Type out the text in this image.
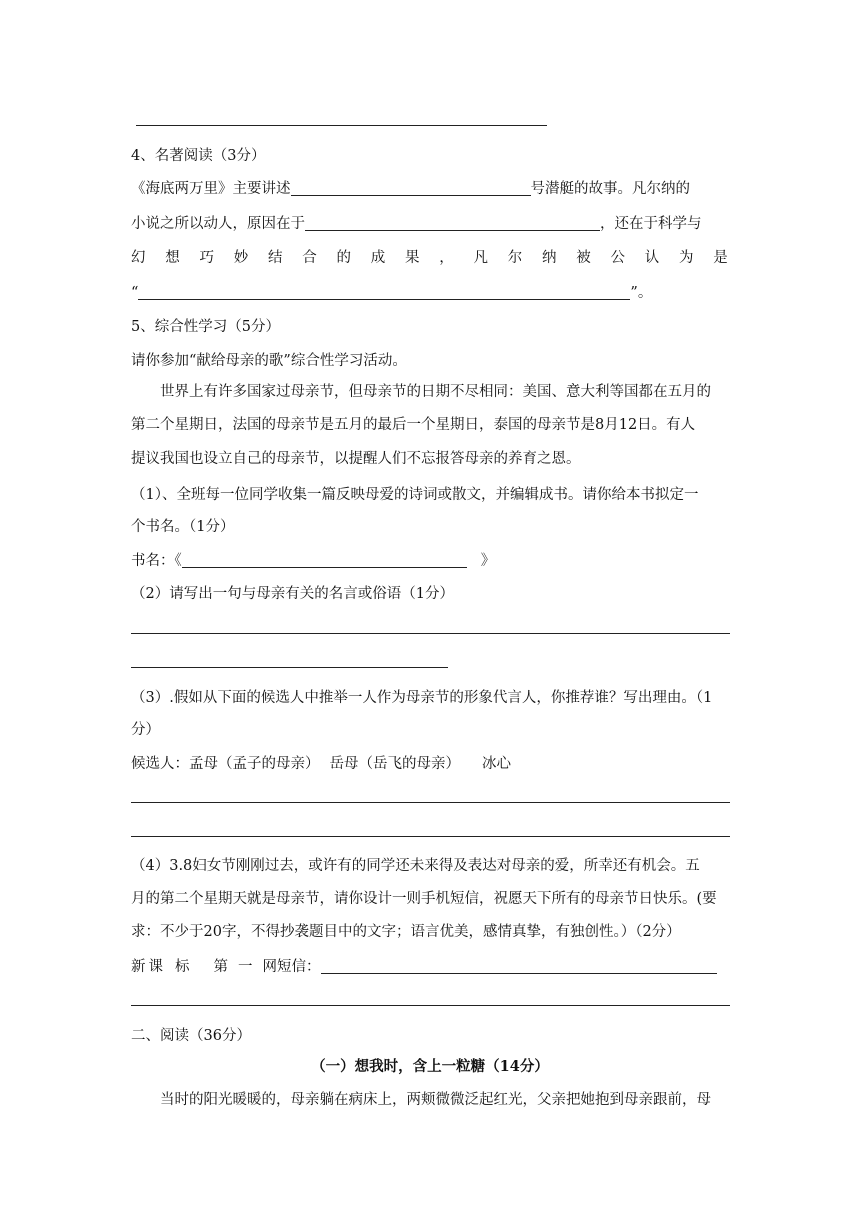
4、名著阅读（3分）
《海底两万里》主要讲述	号潜艇的故事。凡尔纳的
小说之所以动人，原因在于	，还在于科学与
幻 想 巧 妙 结 合 的 成 果 ， 凡 尔 纳 被 公 认 为 是
“	”。
5、综合性学习（5分）
请你参加“献给母亲的歌”综合性学习活动。
世界上有许多国家过母亲节，但母亲节的日期不尽相同：美国、意大利等国都在五月的
第二个星期日，法国的母亲节是五月的最后一个星期日，泰国的母亲节是8月12日。有人
提议我国也设立自己的母亲节，以提醒人们不忘报答母亲的养育之恩。
（1）、全班每一位同学收集一篇反映母爱的诗词或散文，并编辑成书。请你给本书拟定一
个书名。（1分）
书名：《	》
（2）请写出一句与母亲有关的名言或俗语（1分）
（3）.假如从下面的候选人中推举一人作为母亲节的形象代言人，你推荐谁？写出理由。（1
分）
候选人：孟母（孟子的母亲） 岳母（岳飞的母亲） 冰心
（4）3.8妇女节刚刚过去，或许有的同学还未来得及表达对母亲的爱，所幸还有机会。五
月的第二个星期天就是母亲节，请你设计一则手机短信，祝愿天下所有的母亲节日快乐。(要
求：不少于20字，不得抄袭题目中的文字；语言优美，感情真挚，有独创性。）（2分）
新 课 标 第 一 网短信：
二、阅读（36分）
（一）想我时，含上一粒糖（14分）
当时的阳光暖暖的，母亲躺在病床上，两颊微微泛起红光，父亲把她抱到母亲跟前，母
